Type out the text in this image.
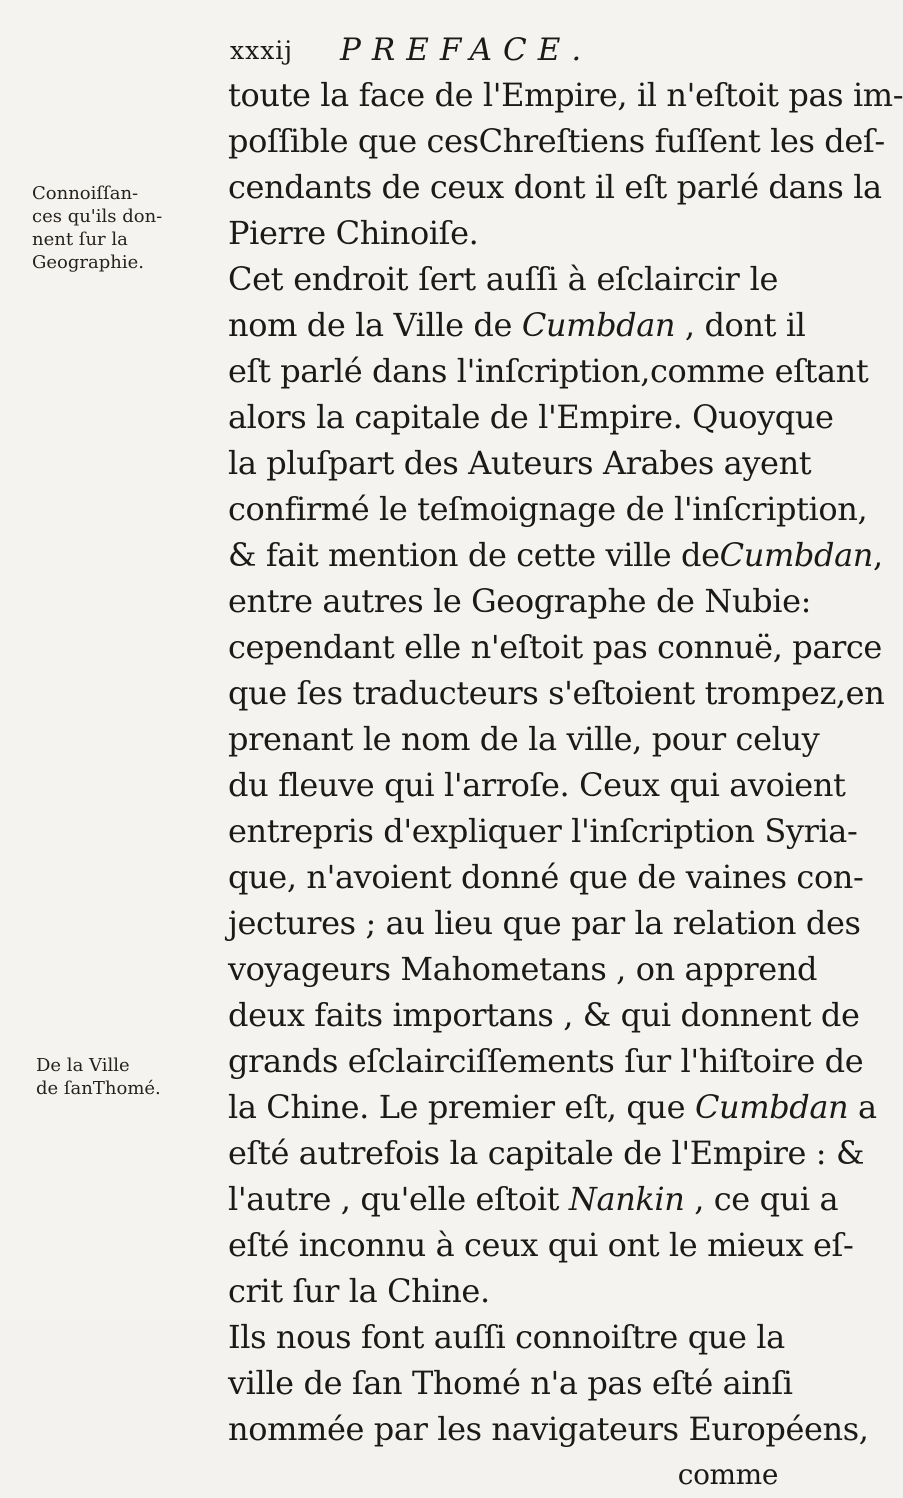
xxxij PREFACE.
Connoiſſan-
ces qu'ils don-
nent ſur la
Geographie.
De la Ville
de ſanThomé.
toute la face de l'Empire, il n'eſtoit pas im-
poſſible que cesChreſtiens fuſſent les deſ-
cendants de ceux dont il eſt parlé dans la
Pierre Chinoiſe.
Cet endroit ſert auſſi à eſclaircir le
nom de la Ville de Cumbdan , dont il
eſt parlé dans l'inſcription,comme eſtant
alors la capitale de l'Empire. Quoyque
la pluſpart des Auteurs Arabes ayent
confirmé le teſmoignage de l'inſcription,
& fait mention de cette ville deCumbdan,
entre autres le Geographe de Nubie:
cependant elle n'eſtoit pas connuë, parce
que ſes traducteurs s'eſtoient trompez,en
prenant le nom de la ville, pour celuy
du fleuve qui l'arroſe. Ceux qui avoient
entrepris d'expliquer l'inſcription Syria-
que, n'avoient donné que de vaines con-
jectures ; au lieu que par la relation des
voyageurs Mahometans , on apprend
deux faits importans , & qui donnent de
grands eſclairciſſements ſur l'hiſtoire de
la Chine. Le premier eſt, que Cumbdan a
eſté autrefois la capitale de l'Empire : &
l'autre , qu'elle eſtoit Nankin , ce qui a
eſté inconnu à ceux qui ont le mieux eſ-
crit ſur la Chine.
Ils nous font auſſi connoiſtre que la
ville de ſan Thomé n'a pas eſté ainſi
nommée par les navigateurs Européens,
comme
